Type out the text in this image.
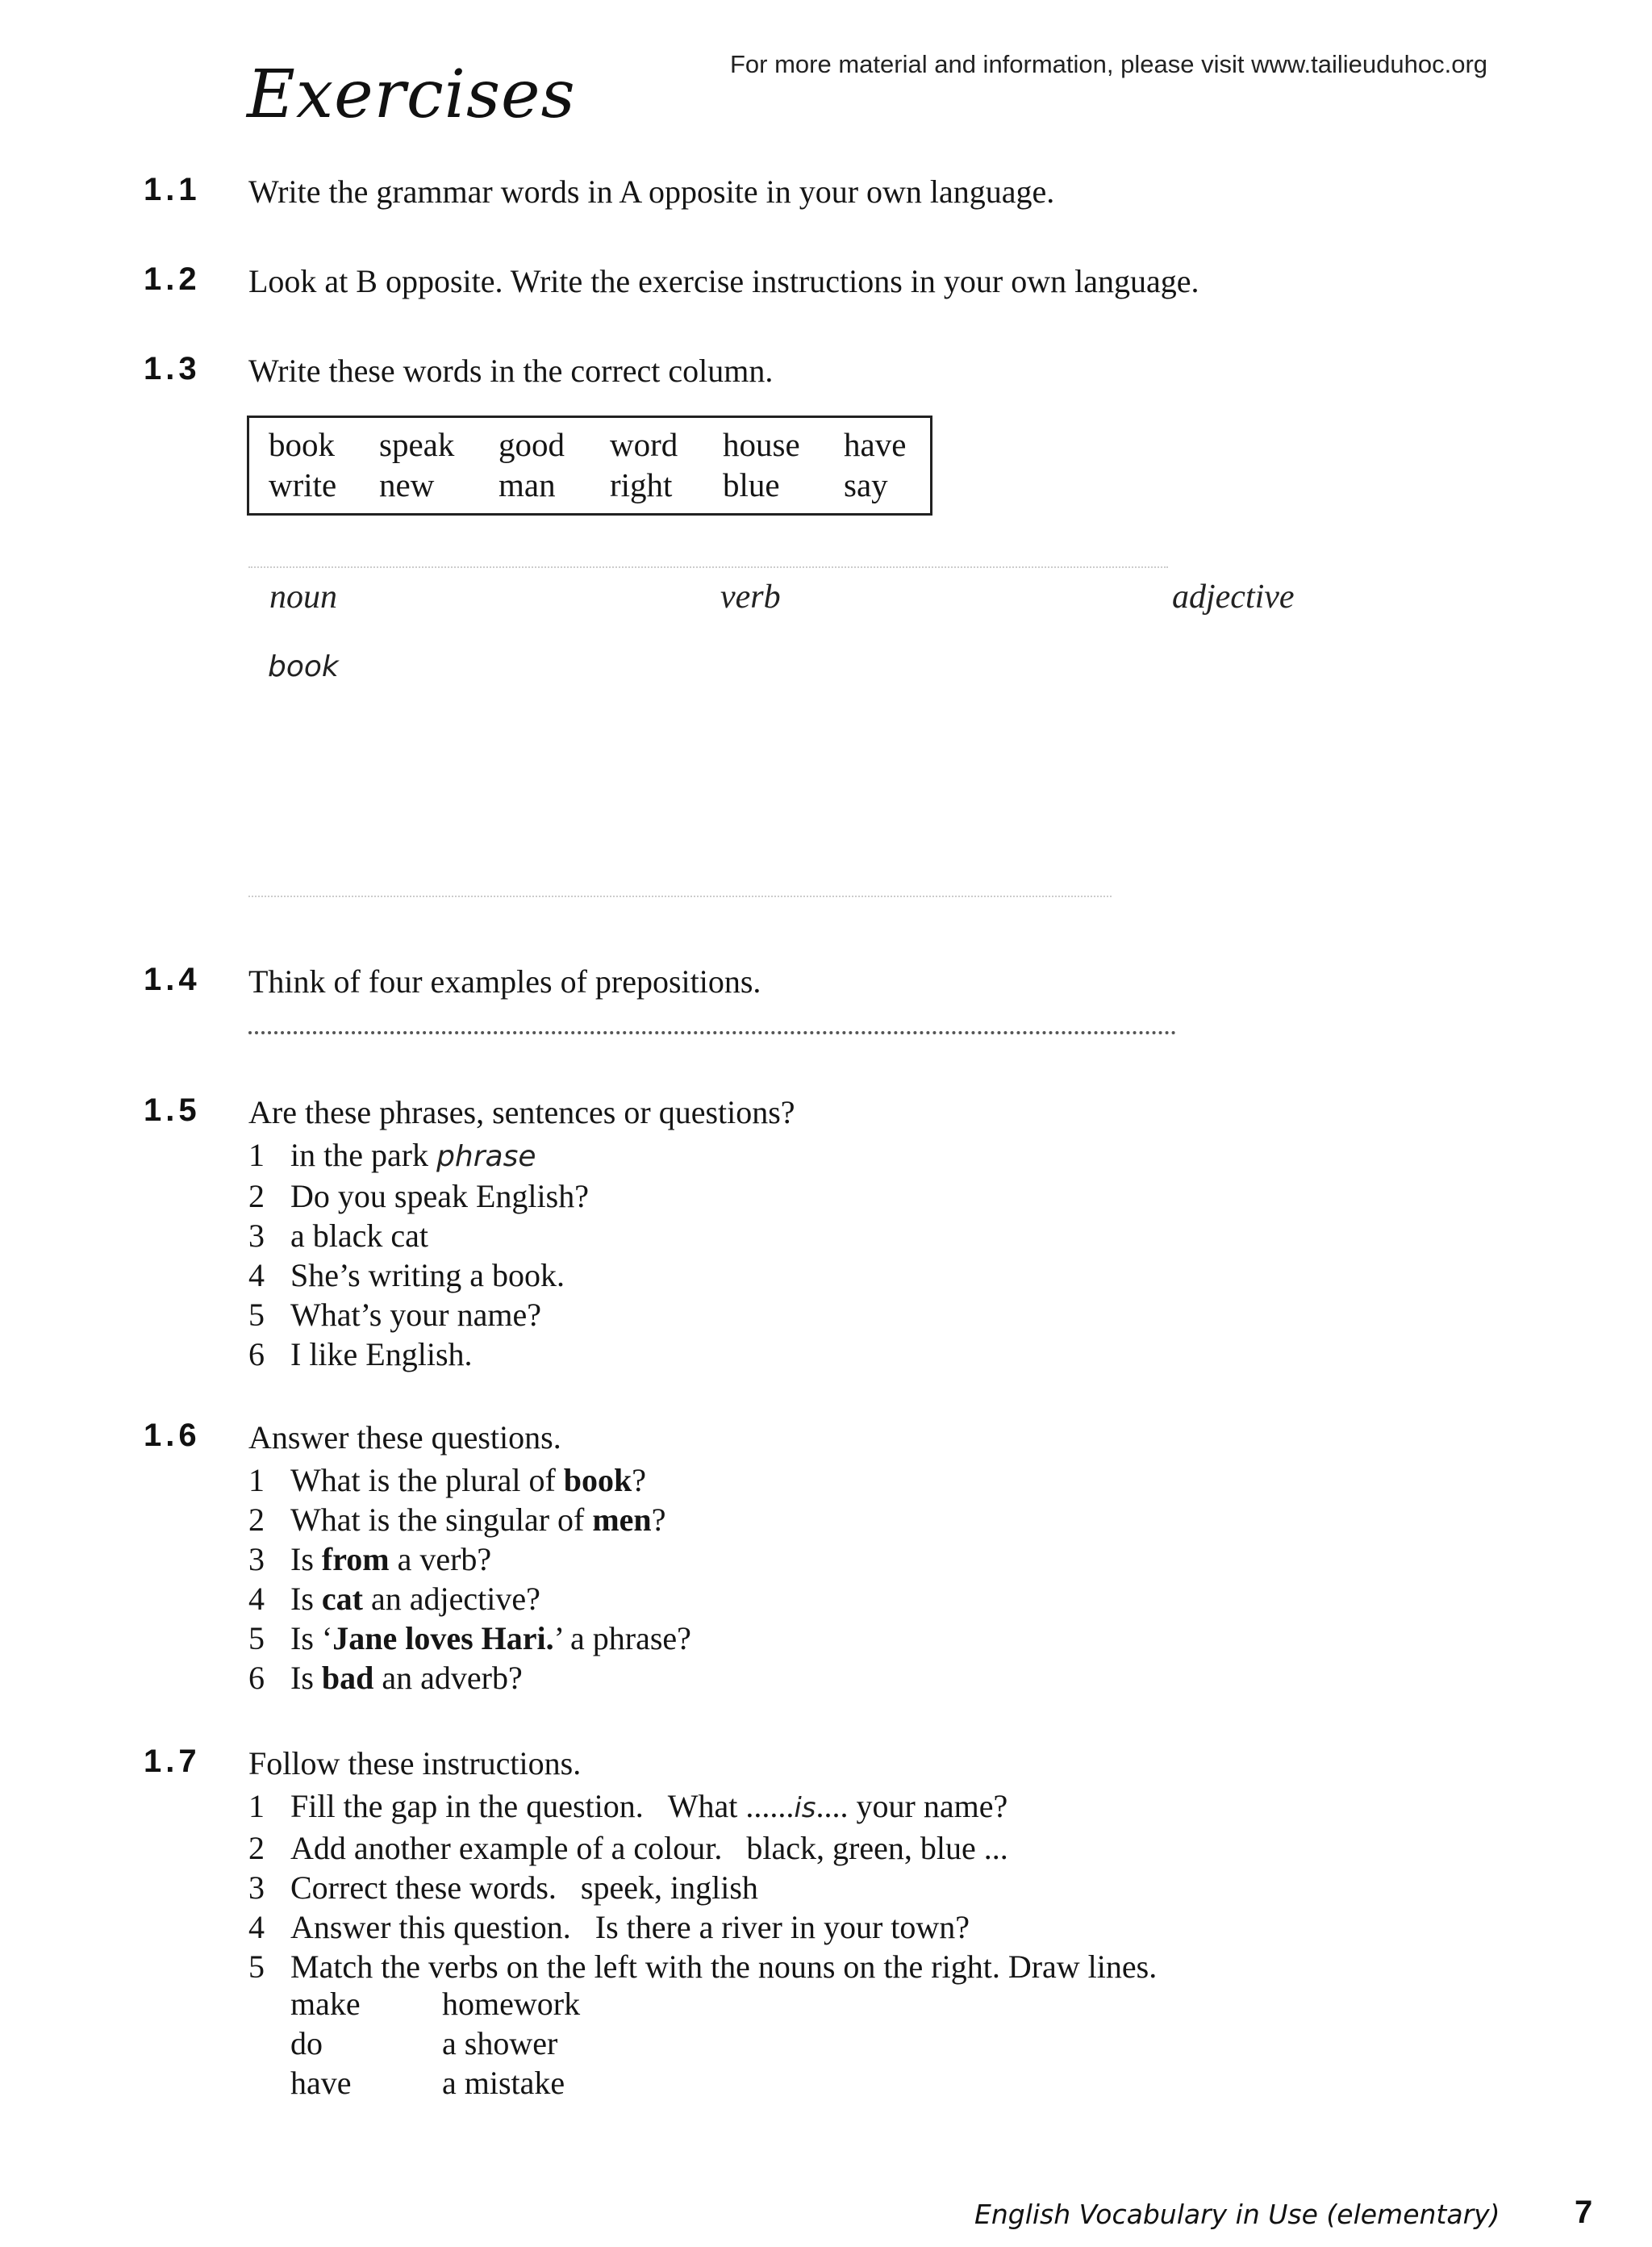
For more material and information, please visit www.tailieuduhoc.org
Exercises
1 . 1 Write the grammar words in A opposite in your own language.
1 . 2 Look at B opposite. Write the exercise instructions in your own language.
1 . 3 Write these words in the correct column.
book speak good word house have
write new man right blue say
noun	verb	adjective
book
1 . 4 Think of four examples of prepositions.
1 . 5 Are these phrases, sentences or questions?
1 in the park phrase
2 Do you speak English?
3 a black cat
4 She’s writing a book.
5 What’s your name?
6 I like English.
1 . 6 Answer these questions.
1 What is the plural of book?
2 What is the singular of men?
3 Is from a verb?
4 Is cat an adjective?
5 Is ‘Jane loves Hari.’ a phrase?
6 Is bad an adverb?
1 . 7 Follow these instructions.
1 Fill the gap in the question. What ......is.... your name?
2 Add another example of a colour. black, green, blue ...
3 Correct these words. speek, inglish
4 Answer this question. Is there a river in your town?
5 Match the verbs on the left with the nouns on the right. Draw lines.
make	homework
do	a shower
have	a mistake
English Vocabulary in Use (elementary) 7
